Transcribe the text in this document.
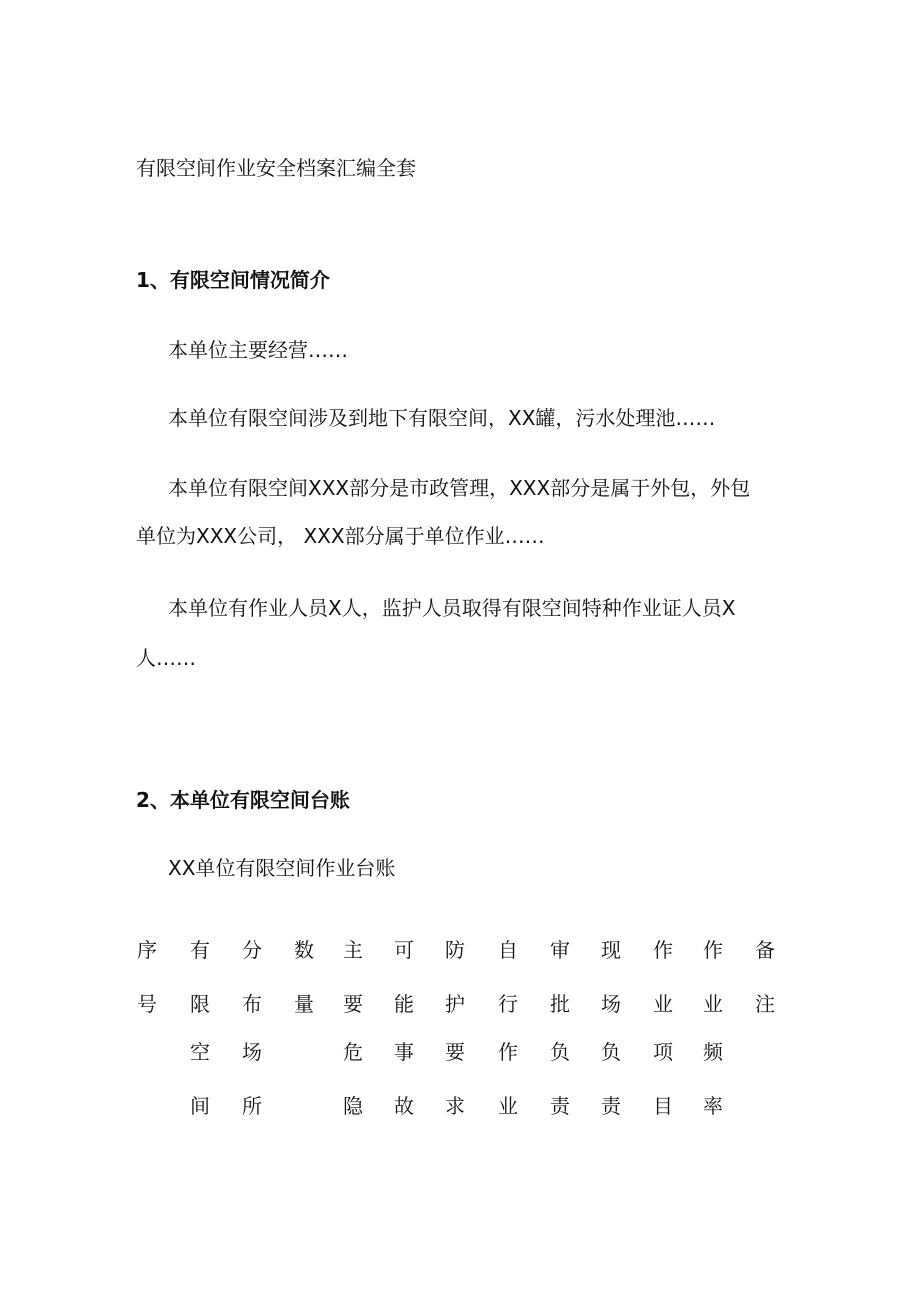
有限空间作业安全档案汇编全套
1、有限空间情况简介
本单位主要经营……
本单位有限空间涉及到地下有限空间，XX罐，污水处理池……
本单位有限空间XXX部分是市政管理，XXX部分是属于外包，外包
单位为XXX公司， XXX部分属于单位作业……
本单位有作业人员X人，监护人员取得有限空间特种作业证人员X
人……
2、本单位有限空间台账
XX单位有限空间作业台账
序
号
有
限
空
间
分
布
场
所
数
量
主
要
危
隐
可
能
事
故
防
护
要
求
自
行
作
业
审
批
负
责
现
场
负
责
作
业
项
目
作
业
频
率
备
注
